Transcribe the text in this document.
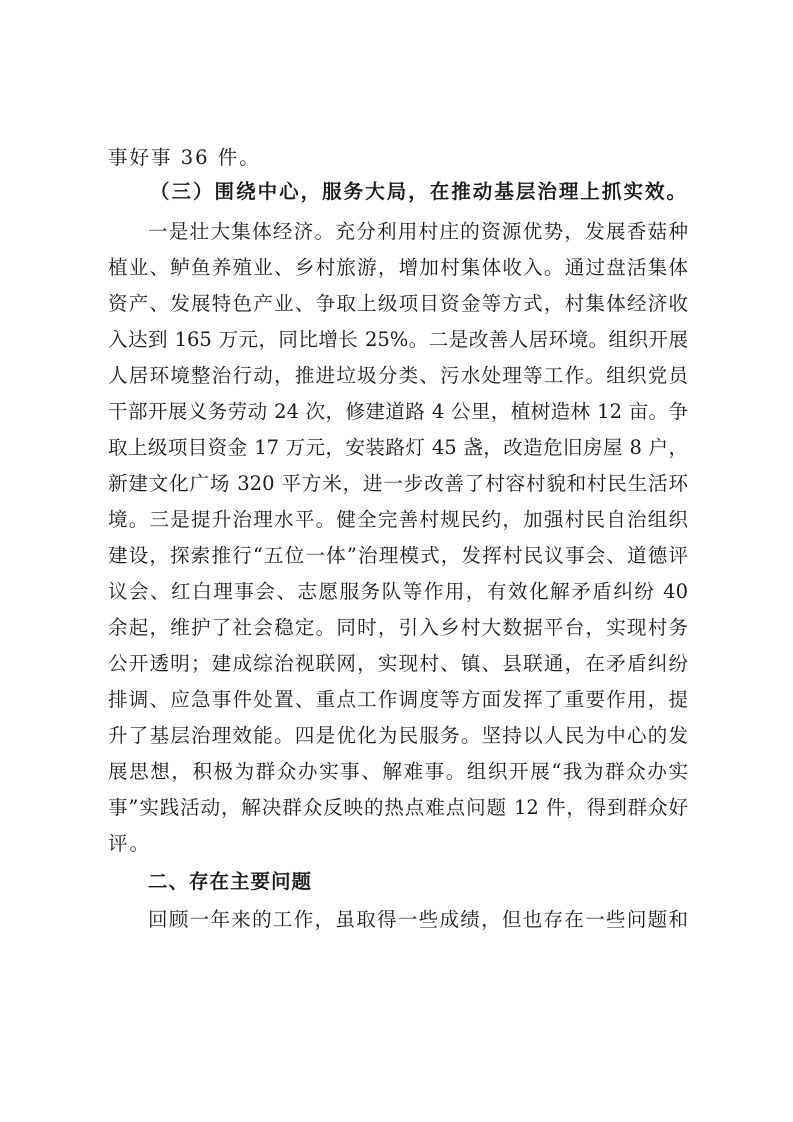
事好事 36 件。
（三）围绕中心，服务大局，在推动基层治理上抓实效。
一是壮大集体经济。充分利用村庄的资源优势，发展香菇种
植业、鲈鱼养殖业、乡村旅游，增加村集体收入。通过盘活集体
资产、发展特色产业、争取上级项目资金等方式，村集体经济收
入达到 165 万元，同比增长 25%。二是改善人居环境。组织开展
人居环境整治行动，推进垃圾分类、污水处理等工作。组织党员
干部开展义务劳动 24 次，修建道路 4 公里，植树造林 12 亩。争
取上级项目资金 17 万元，安装路灯 45 盏，改造危旧房屋 8 户，
新建文化广场 320 平方米，进一步改善了村容村貌和村民生活环
境。三是提升治理水平。健全完善村规民约，加强村民自治组织
建设，探索推行“五位一体”治理模式，发挥村民议事会、道德评
议会、红白理事会、志愿服务队等作用，有效化解矛盾纠纷 40
余起，维护了社会稳定。同时，引入乡村大数据平台，实现村务
公开透明；建成综治视联网，实现村、镇、县联通，在矛盾纠纷
排调、应急事件处置、重点工作调度等方面发挥了重要作用，提
升了基层治理效能。四是优化为民服务。坚持以人民为中心的发
展思想，积极为群众办实事、解难事。组织开展“我为群众办实
事”实践活动，解决群众反映的热点难点问题 12 件，得到群众好
评。
二、存在主要问题
回顾一年来的工作，虽取得一些成绩，但也存在一些问题和
